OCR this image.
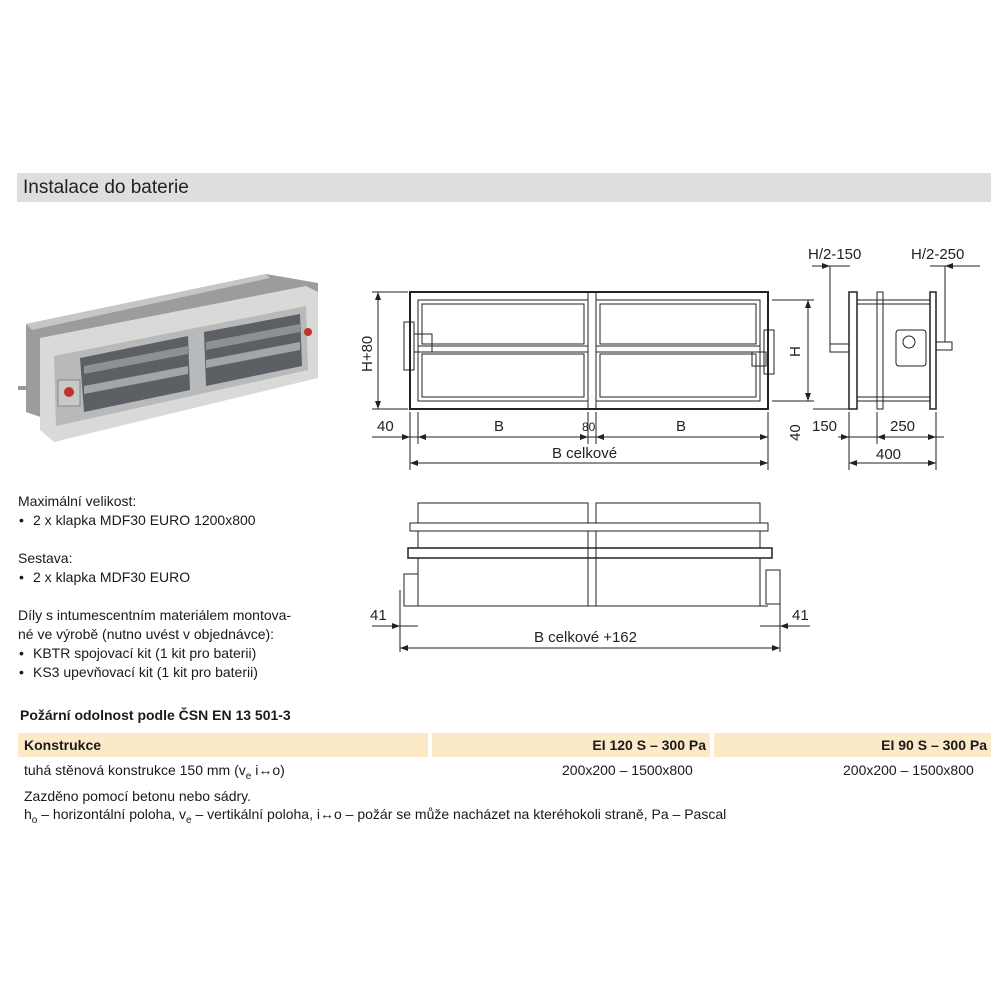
Instalace do baterie
H+80	H
40	B	80	B
B celkové
H/2-150	H/2-250
40 150	250
400
41	41
B celkové +162
Maximální velikost:
• 2 x klapka MDF30 EURO 1200x800
Sestava:
• 2 x klapka MDF30 EURO
Díly s intumescentním materiálem montova-
né ve výrobě (nutno uvést v objednávce):
• KBTR spojovací kit (1 kit pro baterii)
• KS3 upevňovací kit (1 kit pro baterii)
Požární odolnost podle ČSN EN 13 501-3
Konstrukce	EI 120 S – 300 Pa	EI 90 S – 300 Pa
tuhá stěnová konstrukce 150 mm ($v_e$ i↔o)	200x200 – 1500x800	200x200 – 1500x800
Zazděno pomocí betonu nebo sádry.
$h_o$ – horizontální poloha, $v_e$ – vertikální poloha, i↔o – požár se může nacházet na kteréhokoli straně, Pa – Pascal
